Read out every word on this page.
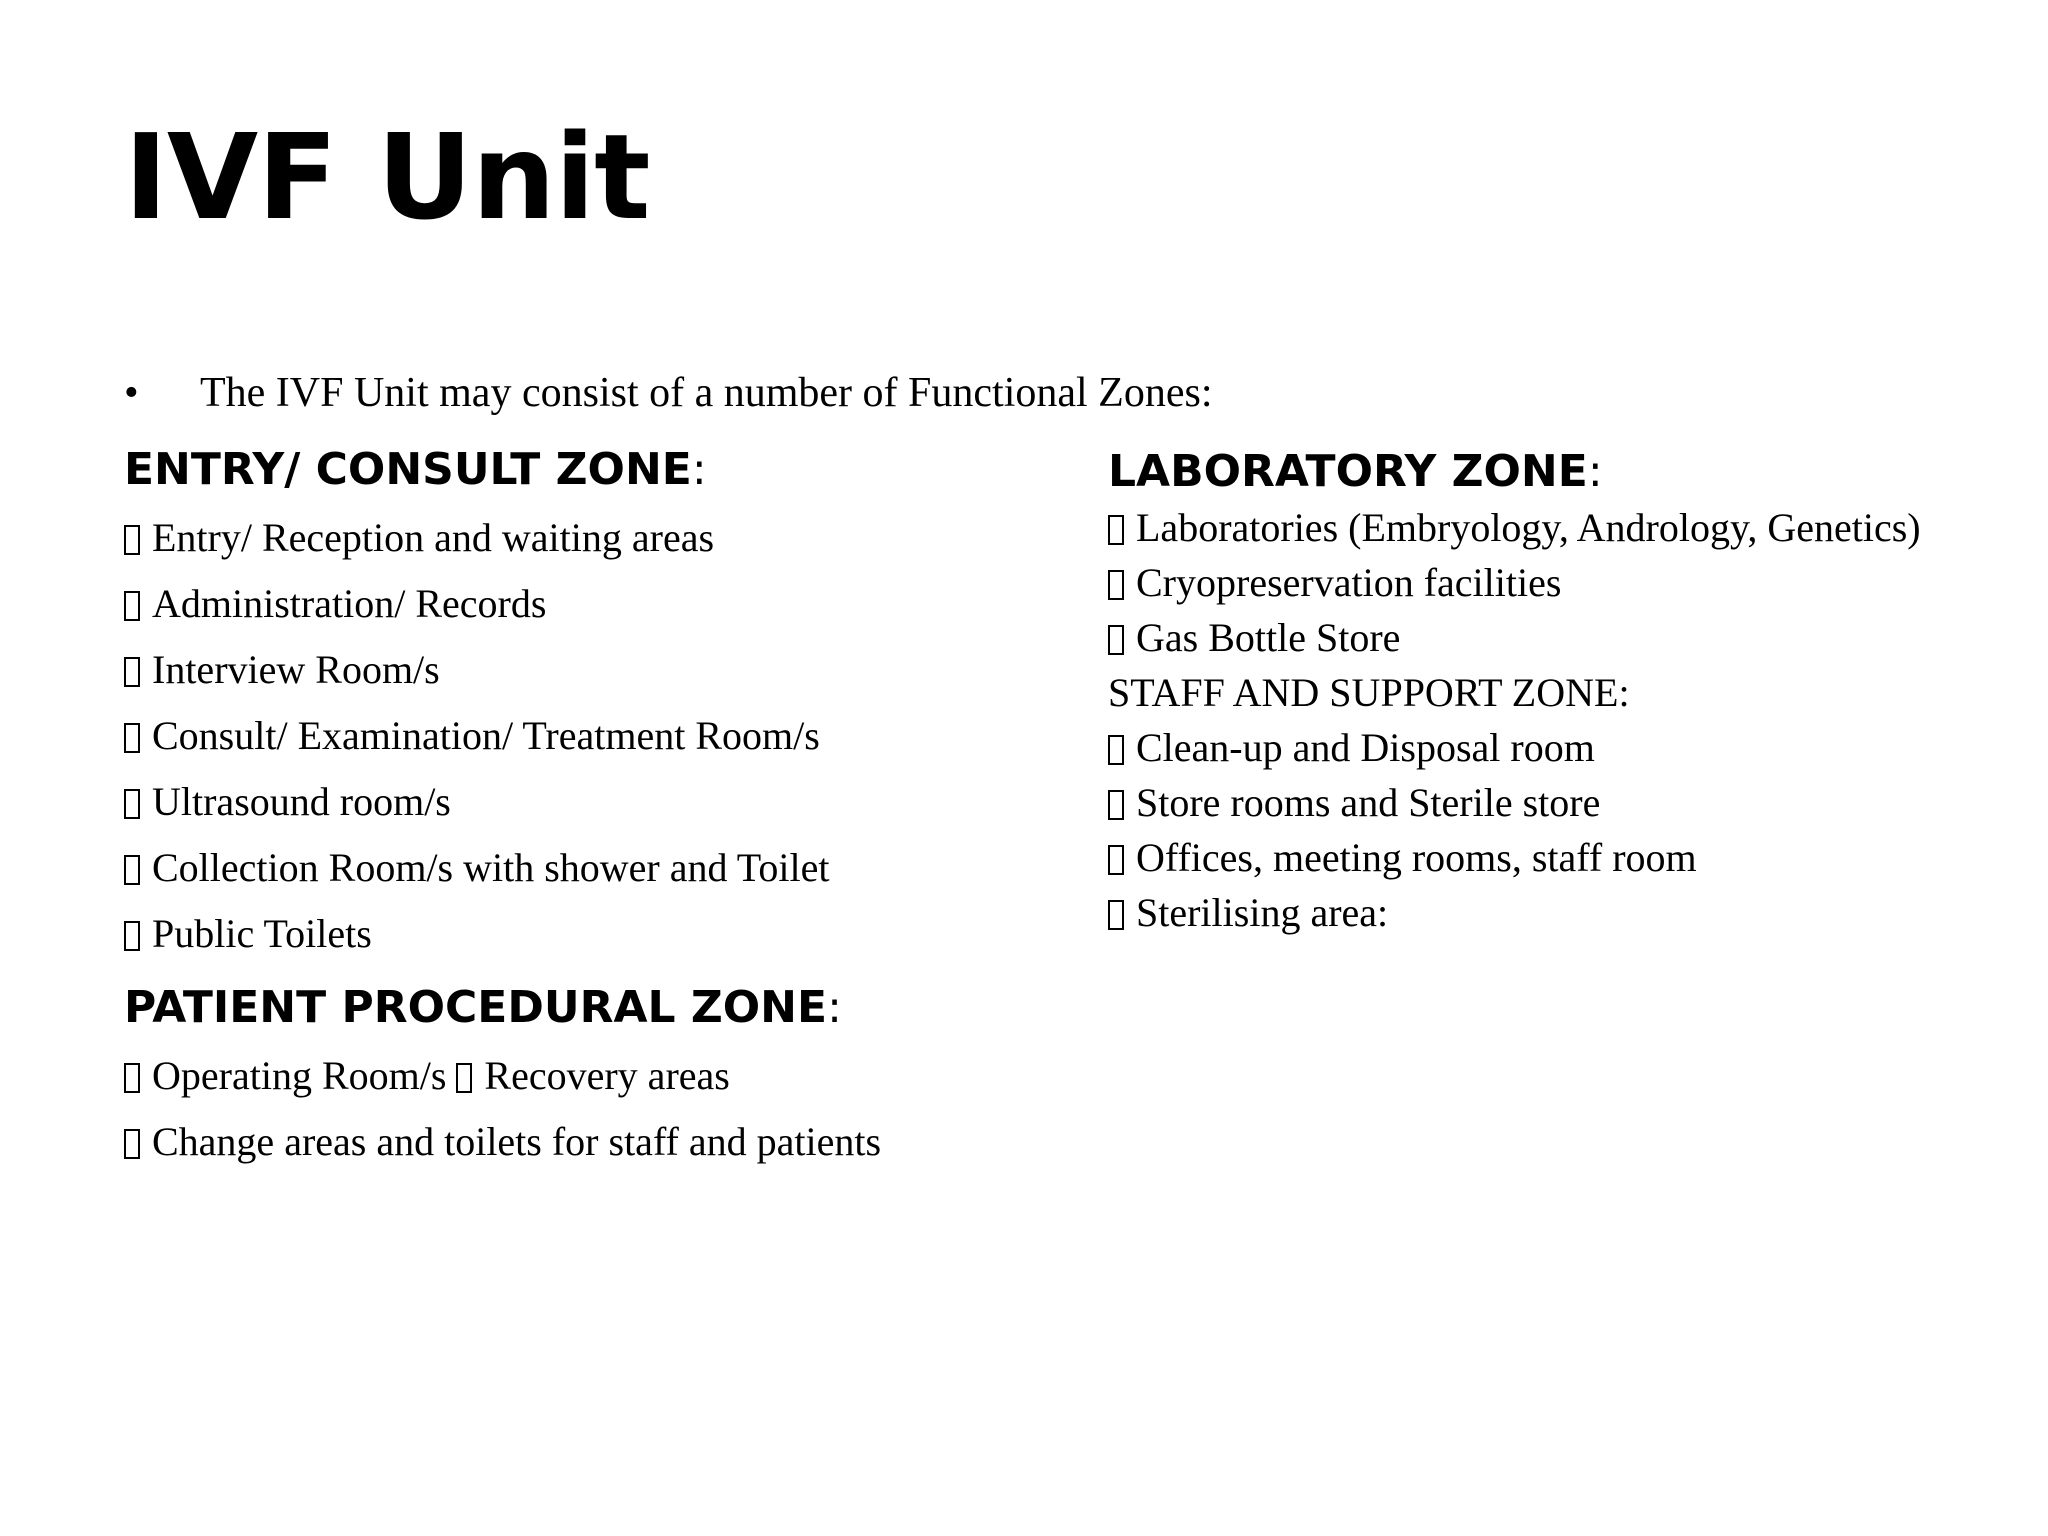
IVF Unit
• The IVF Unit may consist of a number of Functional Zones:
ENTRY/ CONSULT ZONE:
Entry/ Reception and waiting areas
Administration/ Records
Interview Room/s
Consult/ Examination/ Treatment Room/s
Ultrasound room/s
Collection Room/s with shower and Toilet
Public Toilets
PATIENT PROCEDURAL ZONE:
Operating Room/s Recovery areas
Change areas and toilets for staff and patients
LABORATORY ZONE:
Laboratories (Embryology, Andrology, Genetics)
Cryopreservation facilities
Gas Bottle Store
STAFF AND SUPPORT ZONE:
Clean-up and Disposal room
Store rooms and Sterile store
Offices, meeting rooms, staff room
Sterilising area:
